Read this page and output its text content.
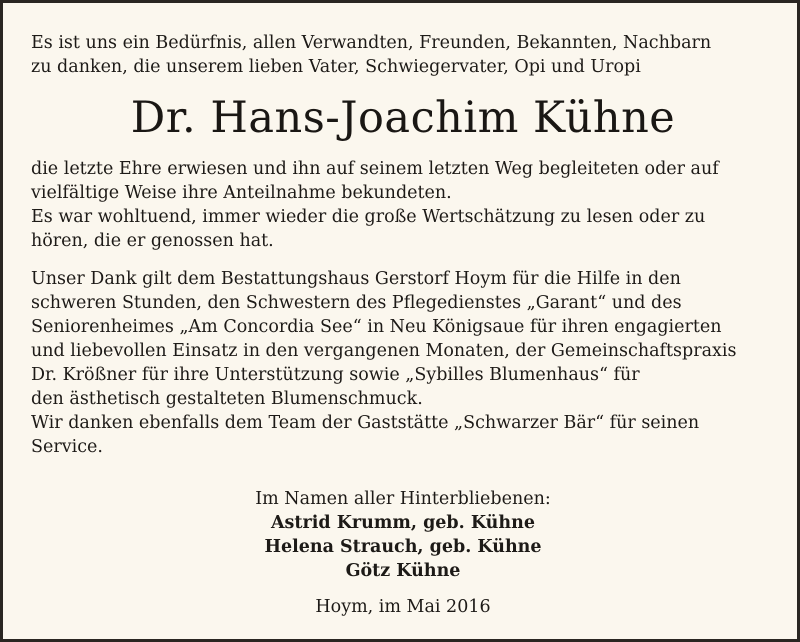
Es ist uns ein Bedürfnis, allen Verwandten, Freunden, Bekannten, Nachbarn
zu danken, die unserem lieben Vater, Schwiegervater, Opi und Uropi
Dr. Hans-Joachim Kühne
die letzte Ehre erwiesen und ihn auf seinem letzten Weg begleiteten oder auf
vielfältige Weise ihre Anteilnahme bekundeten.
Es war wohltuend, immer wieder die große Wertschätzung zu lesen oder zu
hören, die er genossen hat.
Unser Dank gilt dem Bestattungshaus Gerstorf Hoym für die Hilfe in den
schweren Stunden, den Schwestern des Pflegedienstes „Garant“ und des
Seniorenheimes „Am Concordia See“ in Neu Königsaue für ihren engagierten
und liebevollen Einsatz in den vergangenen Monaten, der Gemeinschaftspraxis
Dr. Krößner für ihre Unterstützung sowie „Sybilles Blumenhaus“ für
den ästhetisch gestalteten Blumenschmuck.
Wir danken ebenfalls dem Team der Gaststätte „Schwarzer Bär“ für seinen
Service.
Im Namen aller Hinterbliebenen:
Astrid Krumm, geb. Kühne
Helena Strauch, geb. Kühne
Götz Kühne
Hoym, im Mai 2016
